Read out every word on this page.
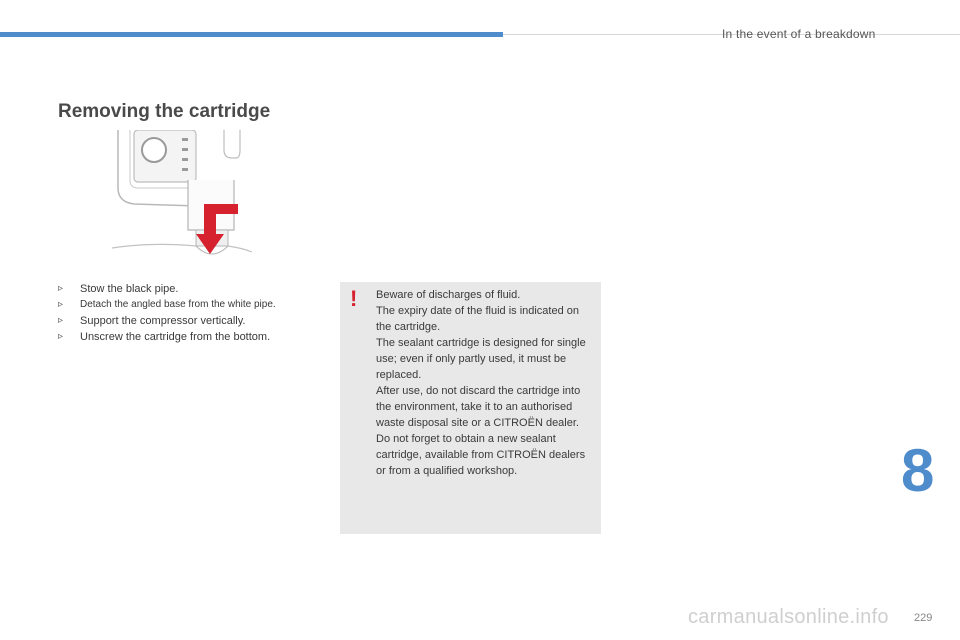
In the event of a breakdown
Removing the cartridge
▹ Stow the black pipe.
▹ Detach the angled base from the white pipe.
▹ Support the compressor vertically.
▹ Unscrew the cartridge from the bottom.
! Beware of discharges of fluid.

The expiry date of the fluid is indicated on the cartridge.

The sealant cartridge is designed for single use; even if only partly used, it must be replaced.

After use, do not discard the cartridge into the environment, take it to an authorised waste disposal site or a CITROËN dealer.

Do not forget to obtain a new sealant cartridge, available from CITROËN dealers or from a qualified workshop.	8
carmanualsonline.info 229
